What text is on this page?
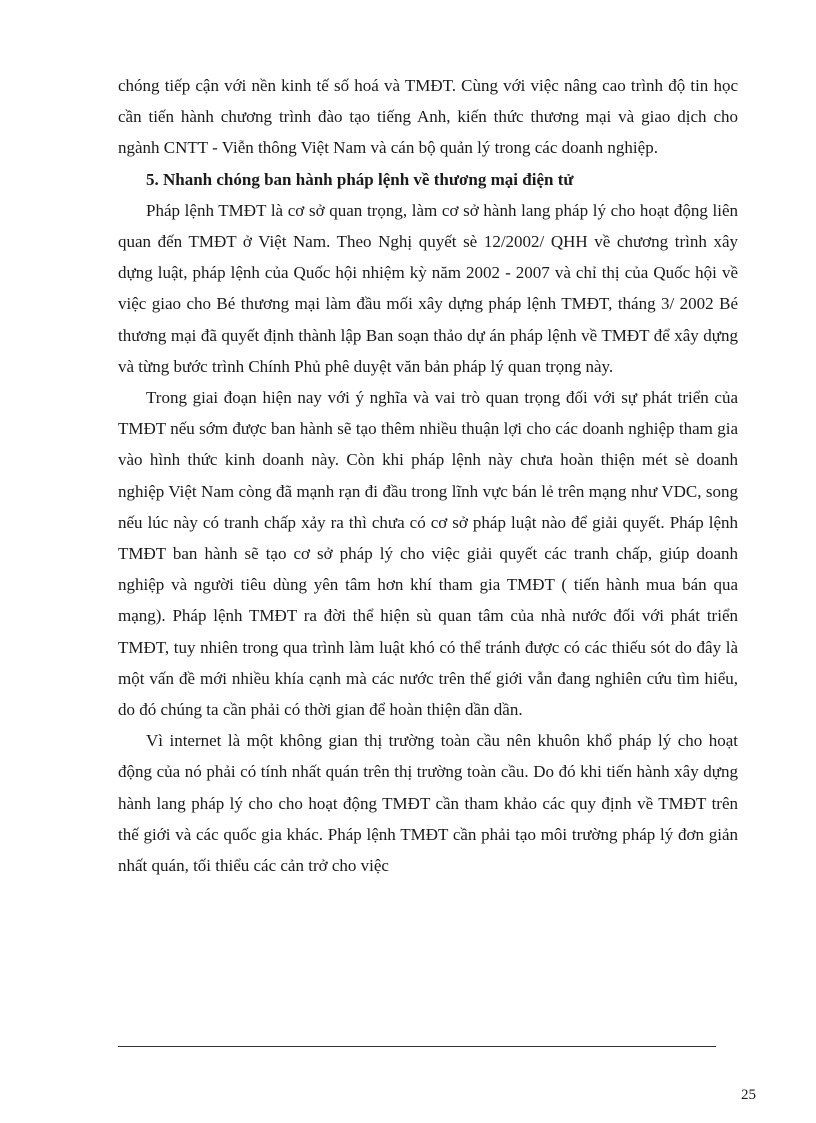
chóng tiếp cận với nền kinh tế số hoá và TMĐT. Cùng với việc nâng cao trình độ tin học cần tiến hành chương trình đào tạo tiếng Anh, kiến thức thương mại và giao dịch cho ngành CNTT - Viễn thông Việt Nam và cán bộ quản lý trong các doanh nghiệp.

5. Nhanh chóng ban hành pháp lệnh về thương mại điện tử

Pháp lệnh TMĐT là cơ sở quan trọng, làm cơ sở hành lang pháp lý cho hoạt động liên quan đến TMĐT ở Việt Nam. Theo Nghị quyết sè 12/2002/ QHH về chương trình xây dựng luật, pháp lệnh của Quốc hội nhiệm kỳ năm 2002 - 2007 và chỉ thị của Quốc hội về việc giao cho Bé thương mại làm đầu mối xây dựng pháp lệnh TMĐT, tháng 3/ 2002 Bé thương mại đã quyết định thành lập Ban soạn thảo dự án pháp lệnh về TMĐT để xây dựng và từng bước trình Chính Phủ phê duyệt văn bản pháp lý quan trọng này.

Trong giai đoạn hiện nay với ý nghĩa và vai trò quan trọng đối với sự phát triển của TMĐT nếu sớm được ban hành sẽ tạo thêm nhiều thuận lợi cho các doanh nghiệp tham gia vào hình thức kinh doanh này. Còn khi pháp lệnh này chưa hoàn thiện mét sè doanh nghiệp Việt Nam còng đã mạnh rạn đi đầu trong lĩnh vực bán lẻ trên mạng như VDC, song nếu lúc này có tranh chấp xảy ra thì chưa có cơ sở pháp luật nào để giải quyết. Pháp lệnh TMĐT ban hành sẽ tạo cơ sở pháp lý cho việc giải quyết các tranh chấp, giúp doanh nghiệp và người tiêu dùng yên tâm hơn khí tham gia TMĐT ( tiến hành mua bán qua mạng). Pháp lệnh TMĐT ra đời thể hiện sù quan tâm của nhà nước đối với phát triển TMĐT, tuy nhiên trong qua trình làm luật khó có thể tránh được có các thiếu sót do đây là một vấn đề mới nhiều khía cạnh mà các nước trên thế giới vẫn đang nghiên cứu tìm hiểu, do đó chúng ta cần phải có thời gian để hoàn thiện dần dần.

Vì internet là một không gian thị trường toàn cầu nên khuôn khổ pháp lý cho hoạt động của nó phải có tính nhất quán trên thị trường toàn cầu. Do đó khi tiến hành xây dựng hành lang pháp lý cho cho hoạt động TMĐT cần tham khảo các quy định về TMĐT trên thế giới và các quốc gia khác. Pháp lệnh TMĐT cần phải tạo môi trường pháp lý đơn giản nhất quán, tối thiểu các cản trở cho việc

25
